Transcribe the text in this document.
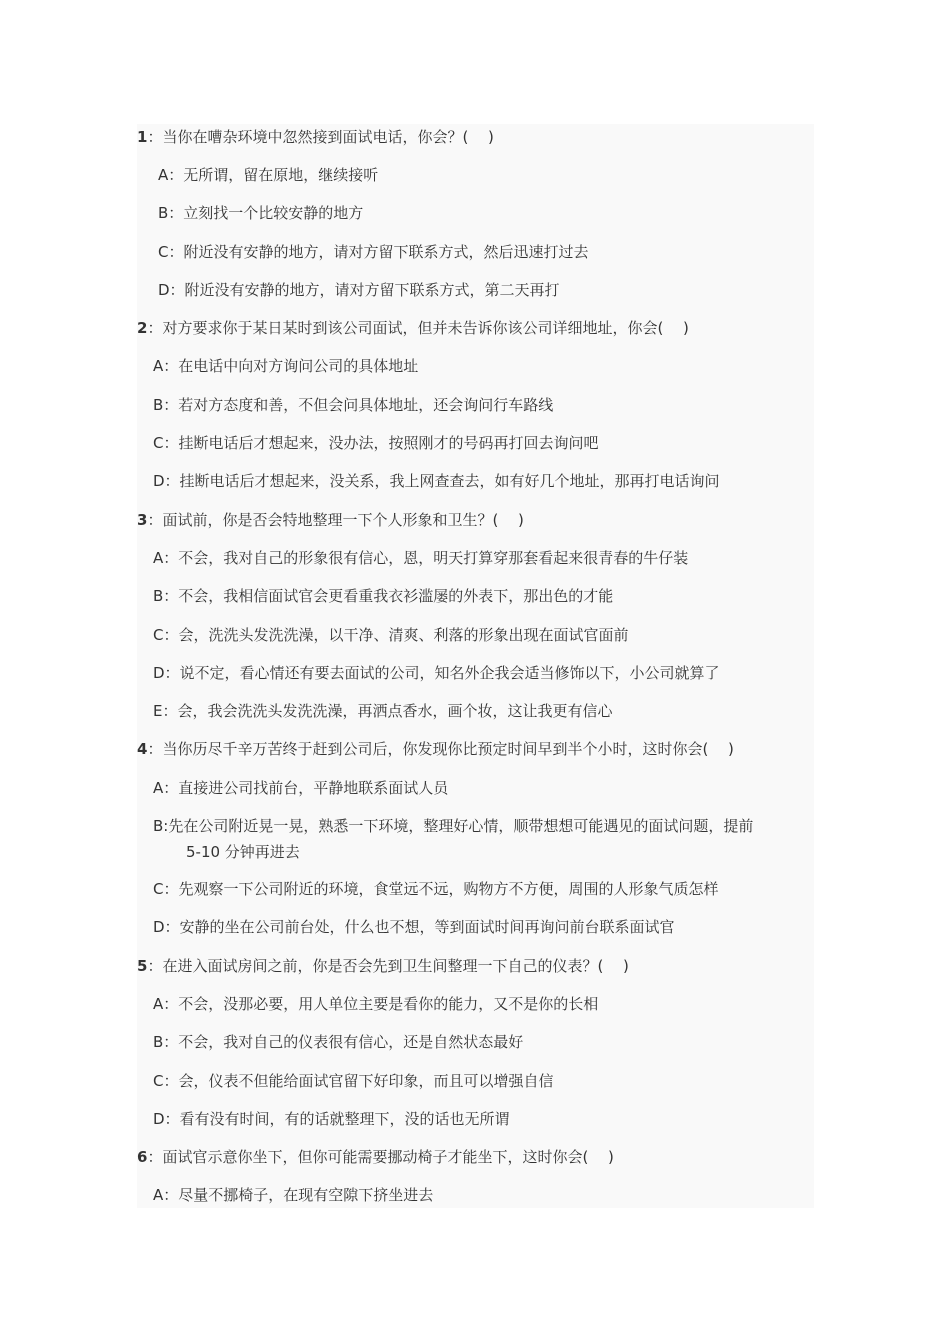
1：当你在嘈杂环境中忽然接到面试电话，你会？(　 )
A：无所谓，留在原地，继续接听
B：立刻找一个比较安静的地方
C：附近没有安静的地方，请对方留下联系方式，然后迅速打过去
D：附近没有安静的地方，请对方留下联系方式，第二天再打
2：对方要求你于某日某时到该公司面试，但并未告诉你该公司详细地址，你会(　 )
A：在电话中向对方询问公司的具体地址
B：若对方态度和善，不但会问具体地址，还会询问行车路线
C：挂断电话后才想起来，没办法，按照刚才的号码再打回去询问吧
D：挂断电话后才想起来，没关系，我上网查查去，如有好几个地址，那再打电话询问
3：面试前，你是否会特地整理一下个人形象和卫生？(　 )
A：不会，我对自己的形象很有信心，恩，明天打算穿那套看起来很青春的牛仔装
B：不会，我相信面试官会更看重我衣衫滥屡的外表下，那出色的才能
C：会，洗洗头发洗洗澡，以干净、清爽、利落的形象出现在面试官面前
D：说不定，看心情还有要去面试的公司，知名外企我会适当修饰以下，小公司就算了
E：会，我会洗洗头发洗洗澡，再洒点香水，画个妆，这让我更有信心
4：当你历尽千辛万苦终于赶到公司后，你发现你比预定时间早到半个小时，这时你会(　 )
A：直接进公司找前台，平静地联系面试人员
B:先在公司附近晃一晃，熟悉一下环境，整理好心情，顺带想想可能遇见的面试问题，提前
5-10 分钟再进去
C：先观察一下公司附近的环境，食堂远不远，购物方不方便，周围的人形象气质怎样
D：安静的坐在公司前台处，什么也不想，等到面试时间再询问前台联系面试官
5：在进入面试房间之前，你是否会先到卫生间整理一下自己的仪表？(　 )
A：不会，没那必要，用人单位主要是看你的能力，又不是你的长相
B：不会，我对自己的仪表很有信心，还是自然状态最好
C：会，仪表不但能给面试官留下好印象，而且可以增强自信
D：看有没有时间，有的话就整理下，没的话也无所谓
6：面试官示意你坐下，但你可能需要挪动椅子才能坐下，这时你会(　 )
A：尽量不挪椅子，在现有空隙下挤坐进去
